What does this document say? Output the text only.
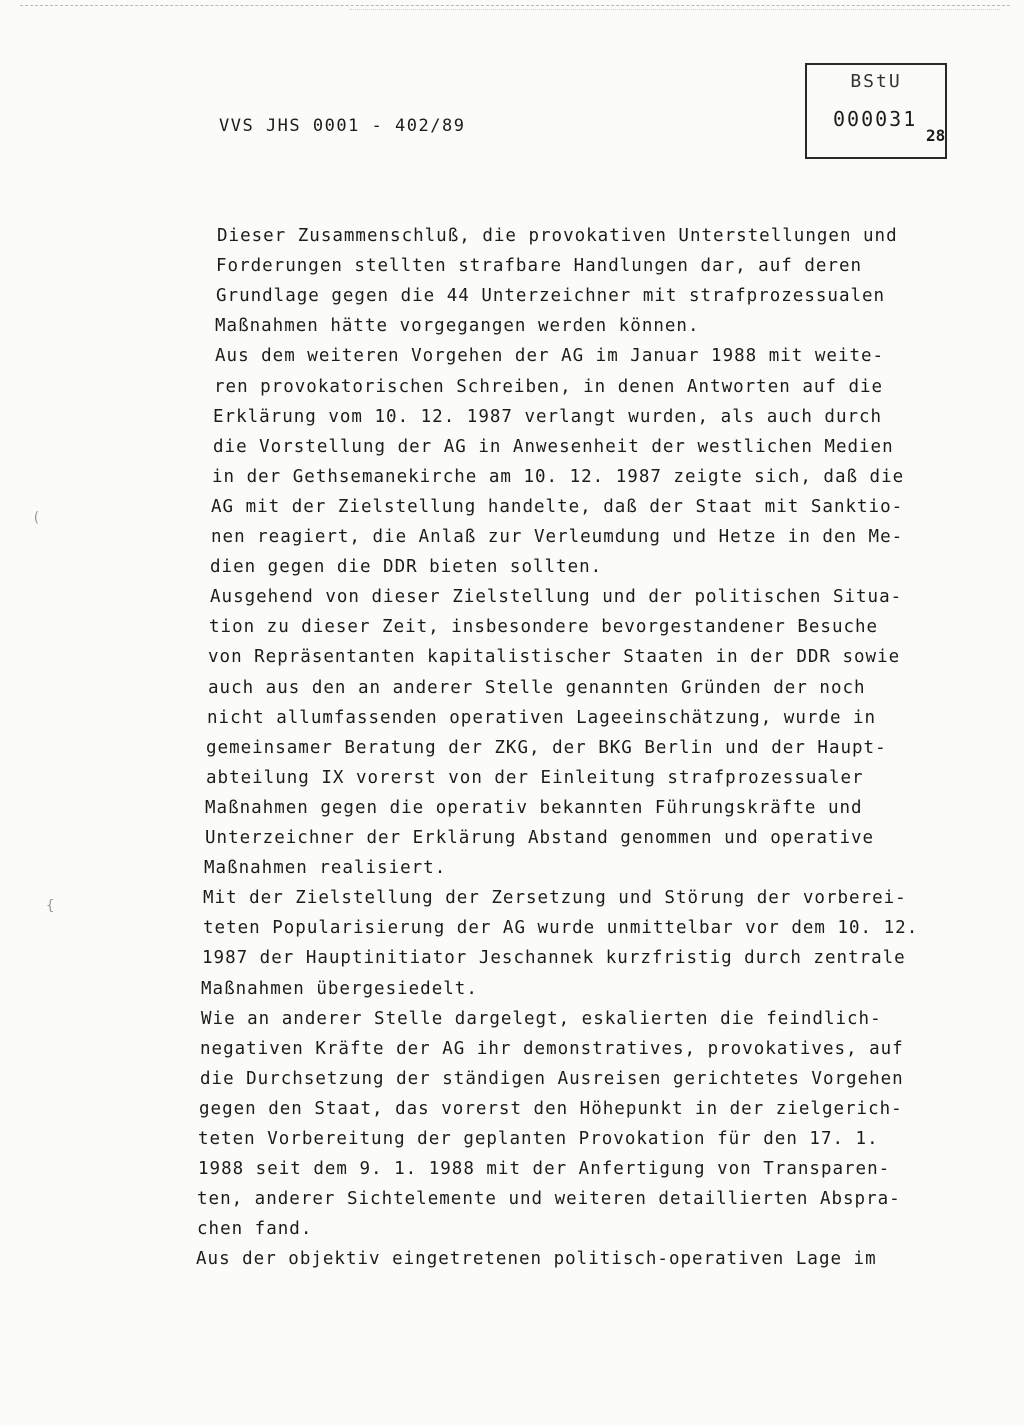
VVS JHS 0001 - 402/89
BStU
000031
28
(
{
Dieser Zusammenschluß, die provokativen Unterstellungen und
Forderungen stellten strafbare Handlungen dar, auf deren
Grundlage gegen die 44 Unterzeichner mit strafprozessualen
Maßnahmen hätte vorgegangen werden können.
Aus dem weiteren Vorgehen der AG im Januar 1988 mit weite-
ren provokatorischen Schreiben, in denen Antworten auf die
Erklärung vom 10. 12. 1987 verlangt wurden, als auch durch
die Vorstellung der AG in Anwesenheit der westlichen Medien
in der Gethsemanekirche am 10. 12. 1987 zeigte sich, daß die
AG mit der Zielstellung handelte, daß der Staat mit Sanktio-
nen reagiert, die Anlaß zur Verleumdung und Hetze in den Me-
dien gegen die DDR bieten sollten.
Ausgehend von dieser Zielstellung und der politischen Situa-
tion zu dieser Zeit, insbesondere bevorgestandener Besuche
von Repräsentanten kapitalistischer Staaten in der DDR sowie
auch aus den an anderer Stelle genannten Gründen der noch
nicht allumfassenden operativen Lageeinschätzung, wurde in
gemeinsamer Beratung der ZKG, der BKG Berlin und der Haupt-
abteilung IX vorerst von der Einleitung strafprozessualer
Maßnahmen gegen die operativ bekannten Führungskräfte und
Unterzeichner der Erklärung Abstand genommen und operative
Maßnahmen realisiert.
Mit der Zielstellung der Zersetzung und Störung der vorberei-
teten Popularisierung der AG wurde unmittelbar vor dem 10. 12.
1987 der Hauptinitiator Jeschannek kurzfristig durch zentrale
Maßnahmen übergesiedelt.
Wie an anderer Stelle dargelegt, eskalierten die feindlich-
negativen Kräfte der AG ihr demonstratives, provokatives, auf
die Durchsetzung der ständigen Ausreisen gerichtetes Vorgehen
gegen den Staat, das vorerst den Höhepunkt in der zielgerich-
teten Vorbereitung der geplanten Provokation für den 17. 1.
1988 seit dem 9. 1. 1988 mit der Anfertigung von Transparen-
ten, anderer Sichtelemente und weiteren detaillierten Abspra-
chen fand.
Aus der objektiv eingetretenen politisch-operativen Lage im
